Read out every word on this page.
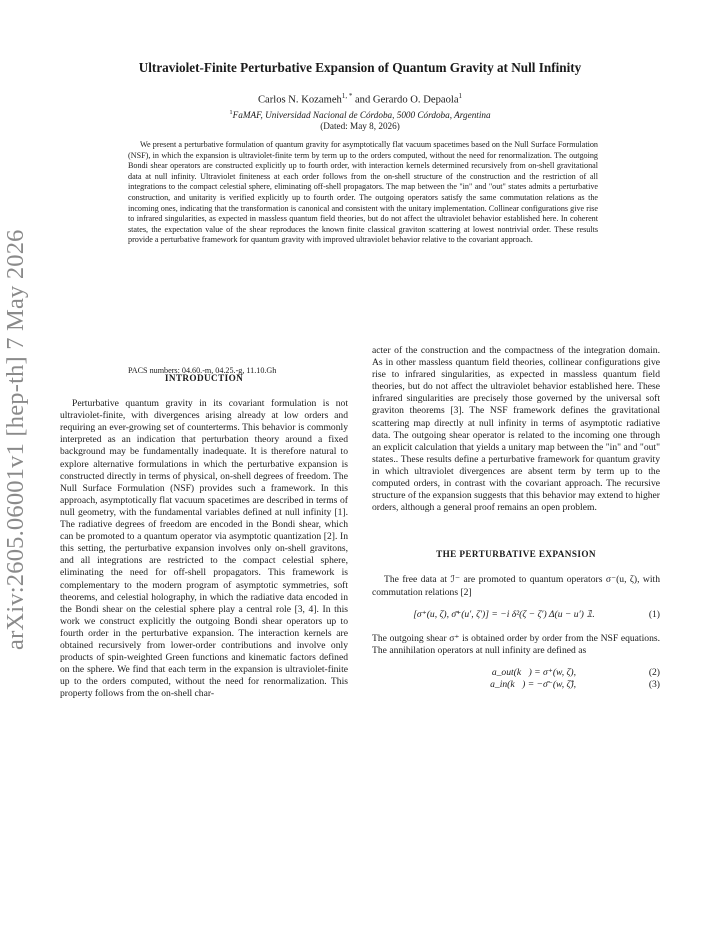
arXiv:2605.06001v1 [hep-th] 7 May 2026
Ultraviolet-Finite Perturbative Expansion of Quantum Gravity at Null Infinity
Carlos N. Kozameh$^{1, *}$ and Gerardo O. Depaola$^1$
$^1$FaMAF, Universidad Nacional de Córdoba, 5000 Córdoba, Argentina
(Dated: May 8, 2026)

We present a perturbative formulation of quantum gravity for asymptotically flat vacuum spacetimes based on the Null Surface Formulation (NSF), in which the expansion is ultraviolet-finite term by term up to the orders computed, without the need for renormalization. The outgoing Bondi shear operators are constructed explicitly up to fourth order, with interaction kernels determined recursively from on-shell gravitational data at null infinity. Ultraviolet finiteness at each order follows from the on-shell structure of the construction and the restriction of all integrations to the compact celestial sphere, eliminating off-shell propagators. The map between the "in" and "out" states admits a perturbative construction, and unitarity is verified explicitly up to fourth order. The outgoing operators satisfy the same commutation relations as the incoming ones, indicating that the transformation is canonical and consistent with the unitary implementation. Collinear configurations give rise to infrared singularities, as expected in massless quantum field theories, but do not affect the ultraviolet behavior established here. In coherent states, the expectation value of the shear reproduces the known finite classical graviton scattering at lowest nontrivial order. These results provide a perturbative framework for quantum gravity with improved ultraviolet behavior relative to the covariant approach.

PACS numbers: 04.60.-m, 04.25.-g, 11.10.Gh
INTRODUCTION

Perturbative quantum gravity in its covariant formulation is not ultraviolet-finite, with divergences arising already at low orders and requiring an ever-growing set of counterterms. This behavior is commonly interpreted as an indication that perturbation theory around a fixed background may be fundamentally inadequate. It is therefore natural to explore alternative formulations in which the perturbative expansion is constructed directly in terms of physical, on-shell degrees of freedom. The Null Surface Formulation (NSF) provides such a framework. In this approach, asymptotically flat vacuum spacetimes are described in terms of null geometry, with the fundamental variables defined at null infinity [1]. The radiative degrees of freedom are encoded in the Bondi shear, which can be promoted to a quantum operator via asymptotic quantization [2]. In this setting, the perturbative expansion involves only on-shell gravitons, and all integrations are restricted to the compact celestial sphere, eliminating the need for off-shell propagators. This framework is complementary to the modern program of asymptotic symmetries, soft theorems, and celestial holography, in which the radiative data encoded in the Bondi shear on the celestial sphere play a central role [3, 4]. In this work we construct explicitly the outgoing Bondi shear operators up to fourth order in the perturbative expansion. The interaction kernels are obtained recursively from lower-order contributions and involve only products of spin-weighted Green functions and kinematic factors defined on the sphere. We find that each term in the expansion is ultraviolet-finite up to the orders computed, without the need for renormalization. This property follows from the on-shell char-

acter of the construction and the compactness of the integration domain. As in other massless quantum field theories, collinear configurations give rise to infrared singularities, as expected in massless quantum field theories, but do not affect the ultraviolet behavior established here. These infrared singularities are precisely those governed by the universal soft graviton theorems [3]. The NSF framework defines the gravitational scattering map directly at null infinity in terms of asymptotic radiative data. The outgoing shear operator is related to the incoming one through an explicit calculation that yields a unitary map between the "in" and "out" states.. These results define a perturbative framework for quantum gravity in which ultraviolet divergences are absent term by term up to the computed orders, in contrast with the covariant approach. The recursive structure of the expansion suggests that this behavior may extend to higher orders, although a general proof remains an open problem.

THE PERTURBATIVE EXPANSION

The free data at ℐ⁻ are promoted to quantum operators σ⁻(u, ζ), with commutation relations [2]

[σ⁺(u, ζ), σ̄⁺(u′, ζ′)] = −i δ²(ζ − ζ′) Δ(u − u′) 𝟙.	(1)

The outgoing shear σ⁺ is obtained order by order from the NSF equations. The annihilation operators at null infinity are defined as

a_out(k⃗) = σ⁺(w, ζ),	(2)
a_in(k⃗) = −σ̄⁻(w, ζ̂),	(3)
